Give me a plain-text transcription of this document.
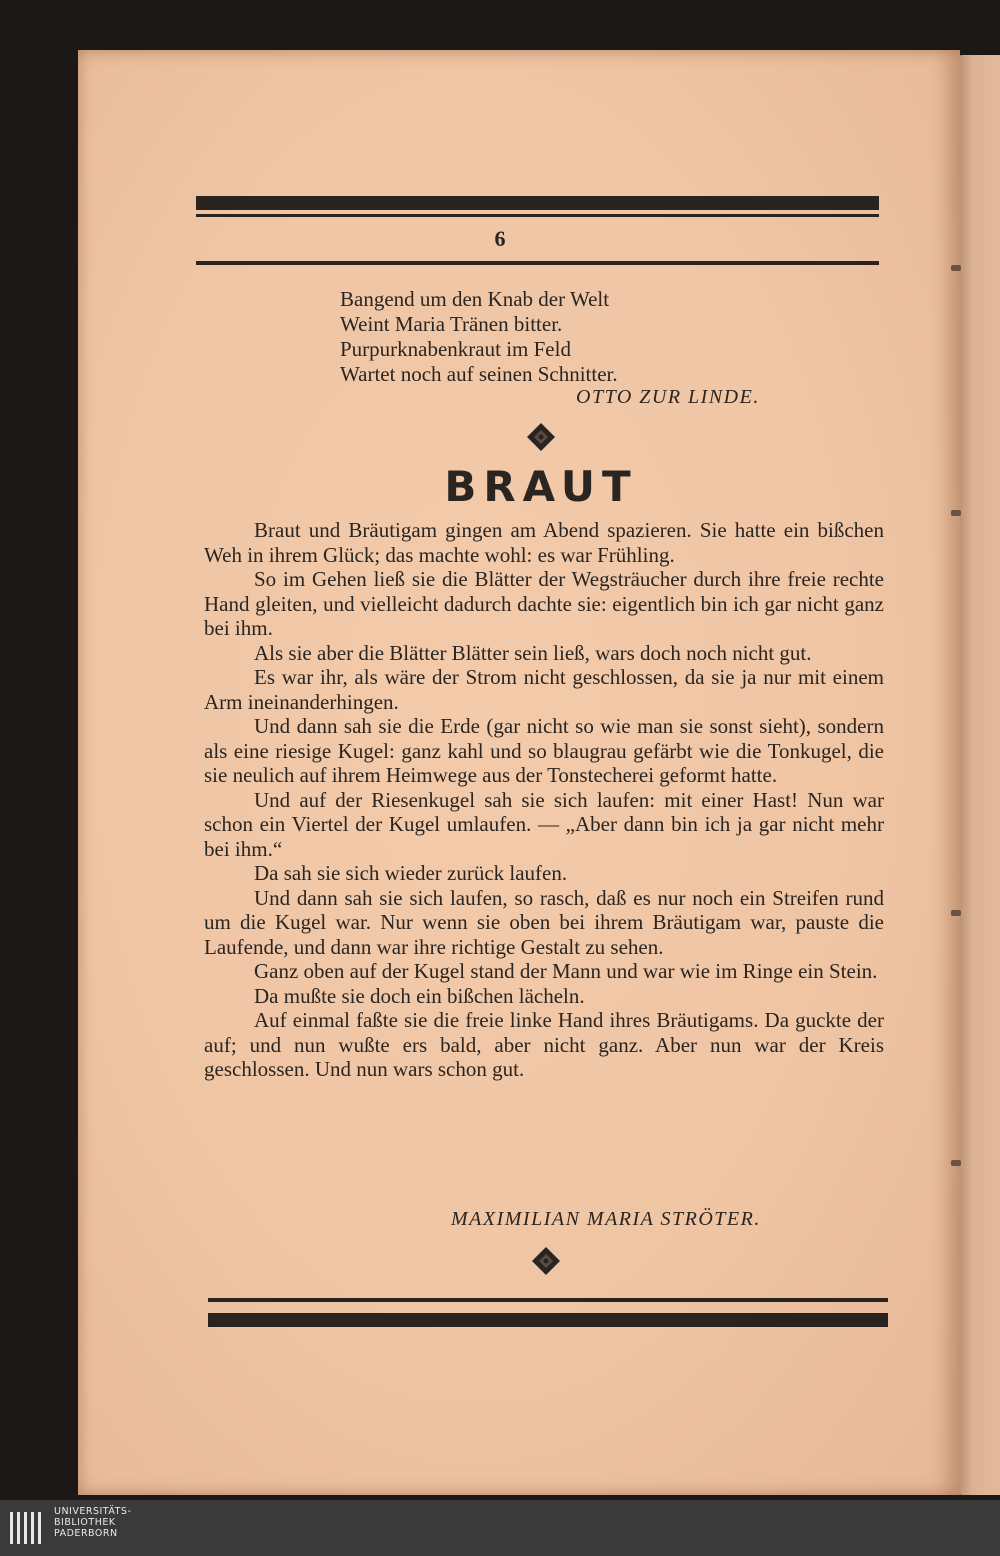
6
Bangend um den Knab der Welt
Weint Maria Tränen bitter.
Purpurknabenkraut im Feld
Wartet noch auf seinen Schnitter.
OTTO ZUR LINDE.
BRAUT

Braut und Bräutigam gingen am Abend spazieren. Sie hatte ein bißchen Weh in ihrem Glück; das machte wohl: es war Frühling.

So im Gehen ließ sie die Blätter der Wegsträucher durch ihre freie rechte Hand gleiten, und vielleicht dadurch dachte sie: eigentlich bin ich gar nicht ganz bei ihm.

Als sie aber die Blätter Blätter sein ließ, wars doch noch nicht gut.

Es war ihr, als wäre der Strom nicht geschlossen, da sie ja nur mit einem Arm ineinanderhingen.

Und dann sah sie die Erde (gar nicht so wie man sie sonst sieht), sondern als eine riesige Kugel: ganz kahl und so blaugrau gefärbt wie die Tonkugel, die sie neulich auf ihrem Heimwege aus der Tonstecherei geformt hatte.

Und auf der Riesenkugel sah sie sich laufen: mit einer Hast! Nun war schon ein Viertel der Kugel umlaufen. — „Aber dann bin ich ja gar nicht mehr bei ihm.“

Da sah sie sich wieder zurück laufen.

Und dann sah sie sich laufen, so rasch, daß es nur noch ein Streifen rund um die Kugel war. Nur wenn sie oben bei ihrem Bräutigam war, pauste die Laufende, und dann war ihre richtige Gestalt zu sehen.

Ganz oben auf der Kugel stand der Mann und war wie im Ringe ein Stein.

Da mußte sie doch ein bißchen lächeln.

Auf einmal faßte sie die freie linke Hand ihres Bräutigams. Da guckte der auf; und nun wußte ers bald, aber nicht ganz. Aber nun war der Kreis geschlossen. Und nun wars schon gut.

MAXIMILIAN MARIA STRÖTER.
UNIVERSITÄTS-
BIBLIOTHEK
PADERBORN
